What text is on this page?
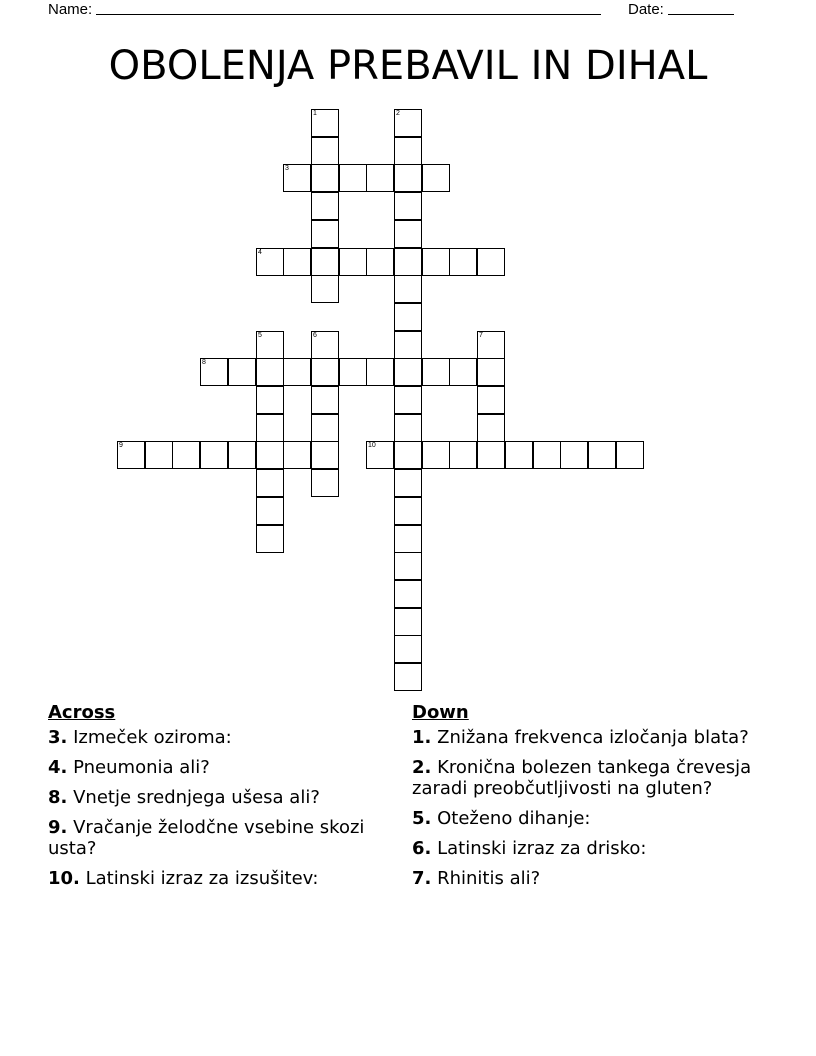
Name:	Date:
OBOLENJA PREBAVIL IN DIHAL
1	2
3
4
5	6	7
8
9	10
Across
3. Izmeček oziroma:
4. Pneumonia ali?
8. Vnetje srednjega ušesa ali?
9. Vračanje želodčne vsebine skozi usta?
10. Latinski izraz za izsušitev:
Down
1. Znižana frekvenca izločanja blata?
2. Kronična bolezen tankega črevesja zaradi preobčutljivosti na gluten?
5. Oteženo dihanje:
6. Latinski izraz za drisko:
7. Rhinitis ali?
